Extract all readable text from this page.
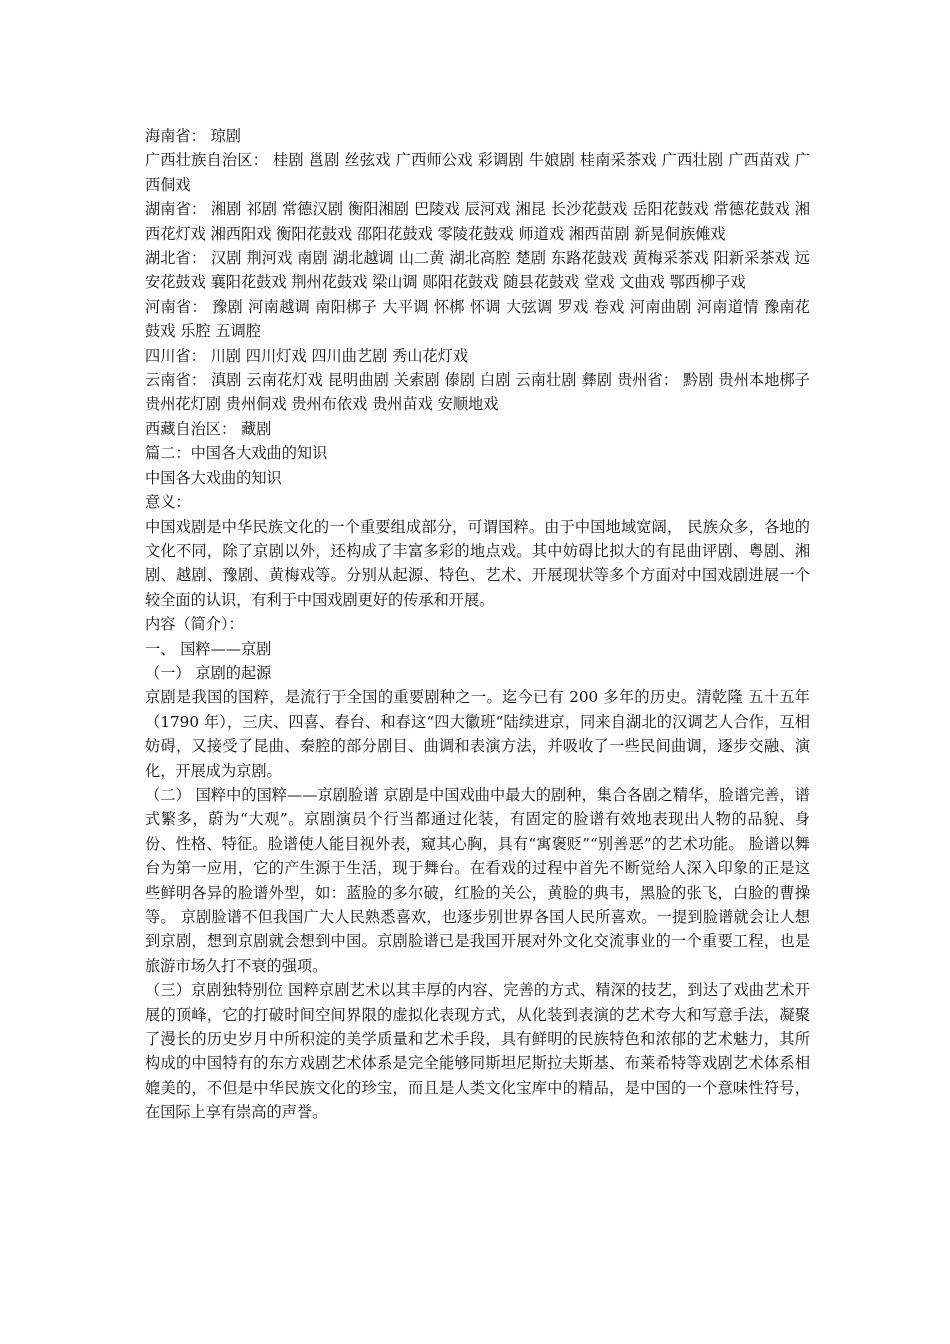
海南省： 琼剧

广西壮族自治区： 桂剧 邕剧 丝弦戏 广西师公戏 彩调剧 牛娘剧 桂南采茶戏 广西壮剧 广西苗戏 广西侗戏

湖南省： 湘剧 祁剧 常德汉剧 衡阳湘剧 巴陵戏 辰河戏 湘昆 长沙花鼓戏 岳阳花鼓戏 常德花鼓戏 湘西花灯戏 湘西阳戏 衡阳花鼓戏 邵阳花鼓戏 零陵花鼓戏 师道戏 湘西苗剧 新晃侗族傩戏

湖北省： 汉剧 荆河戏 南剧 湖北越调 山二黄 湖北高腔 楚剧 东路花鼓戏 黄梅采茶戏 阳新采茶戏 远安花鼓戏 襄阳花鼓戏 荆州花鼓戏 梁山调 郧阳花鼓戏 随县花鼓戏 堂戏 文曲戏 鄂西柳子戏

河南省： 豫剧 河南越调 南阳梆子 大平调 怀梆 怀调 大弦调 罗戏 卷戏 河南曲剧 河南道情 豫南花鼓戏 乐腔 五调腔

四川省： 川剧 四川灯戏 四川曲艺剧 秀山花灯戏

云南省： 滇剧 云南花灯戏 昆明曲剧 关索剧 傣剧 白剧 云南壮剧 彝剧 贵州省： 黔剧 贵州本地梆子 贵州花灯剧 贵州侗戏 贵州布依戏 贵州苗戏 安顺地戏

西藏自治区： 藏剧

篇二：中国各大戏曲的知识

中国各大戏曲的知识

意义：

中国戏剧是中华民族文化的一个重要组成部分，可谓国粹。由于中国地域宽阔， 民族众多，各地的文化不同，除了京剧以外，还构成了丰富多彩的地点戏。其中妨碍比拟大的有昆曲评剧、粤剧、湘剧、越剧、豫剧、黄梅戏等。分别从起源、特色、艺术、开展现状等多个方面对中国戏剧进展一个较全面的认识，有利于中国戏剧更好的传承和开展。

内容（简介）：

一、 国粹——京剧

（一） 京剧的起源

京剧是我国的国粹，是流行于全国的重要剧种之一。迄今已有 200 多年的历史。清乾隆 五十五年（1790 年），三庆、四喜、春台、和春这“四大徽班“陆续进京，同来自湖北的汉调艺人合作，互相妨碍，又接受了昆曲、秦腔的部分剧目、曲调和表演方法，并吸收了一些民间曲调，逐步交融、演化，开展成为京剧。

（二） 国粹中的国粹——京剧脸谱 京剧是中国戏曲中最大的剧种，集合各剧之精华，脸谱完善，谱式繁多，蔚为“大观”。京剧演员个行当都通过化装，有固定的脸谱有效地表现出人物的品貌、身份、性格、特征。脸谱使人能目视外表，窥其心胸，具有“寓褒贬”“别善恶”的艺术功能。 脸谱以舞台为第一应用，它的产生源于生活，现于舞台。在看戏的过程中首先不断觉给人深入印象的正是这些鲜明各异的脸谱外型，如：蓝脸的多尔破，红脸的关公，黄脸的典韦，黑脸的张飞，白脸的曹操等。 京剧脸谱不但我国广大人民熟悉喜欢，也逐步别世界各国人民所喜欢。一提到脸谱就会让人想到京剧，想到京剧就会想到中国。京剧脸谱已是我国开展对外文化交流事业的一个重要工程，也是旅游市场久打不衰的强项。

（三）京剧独特别位 国粹京剧艺术以其丰厚的内容、完善的方式、精深的技艺，到达了戏曲艺术开展的顶峰，它的打破时间空间界限的虚拟化表现方式，从化装到表演的艺术夸大和写意手法，凝聚了漫长的历史岁月中所积淀的美学质量和艺术手段，具有鲜明的民族特色和浓郁的艺术魅力，其所构成的中国特有的东方戏剧艺术体系是完全能够同斯坦尼斯拉夫斯基、布莱希特等戏剧艺术体系相媲美的，不但是中华民族文化的珍宝，而且是人类文化宝库中的精品，是中国的一个意味性符号，在国际上享有崇高的声誉。
